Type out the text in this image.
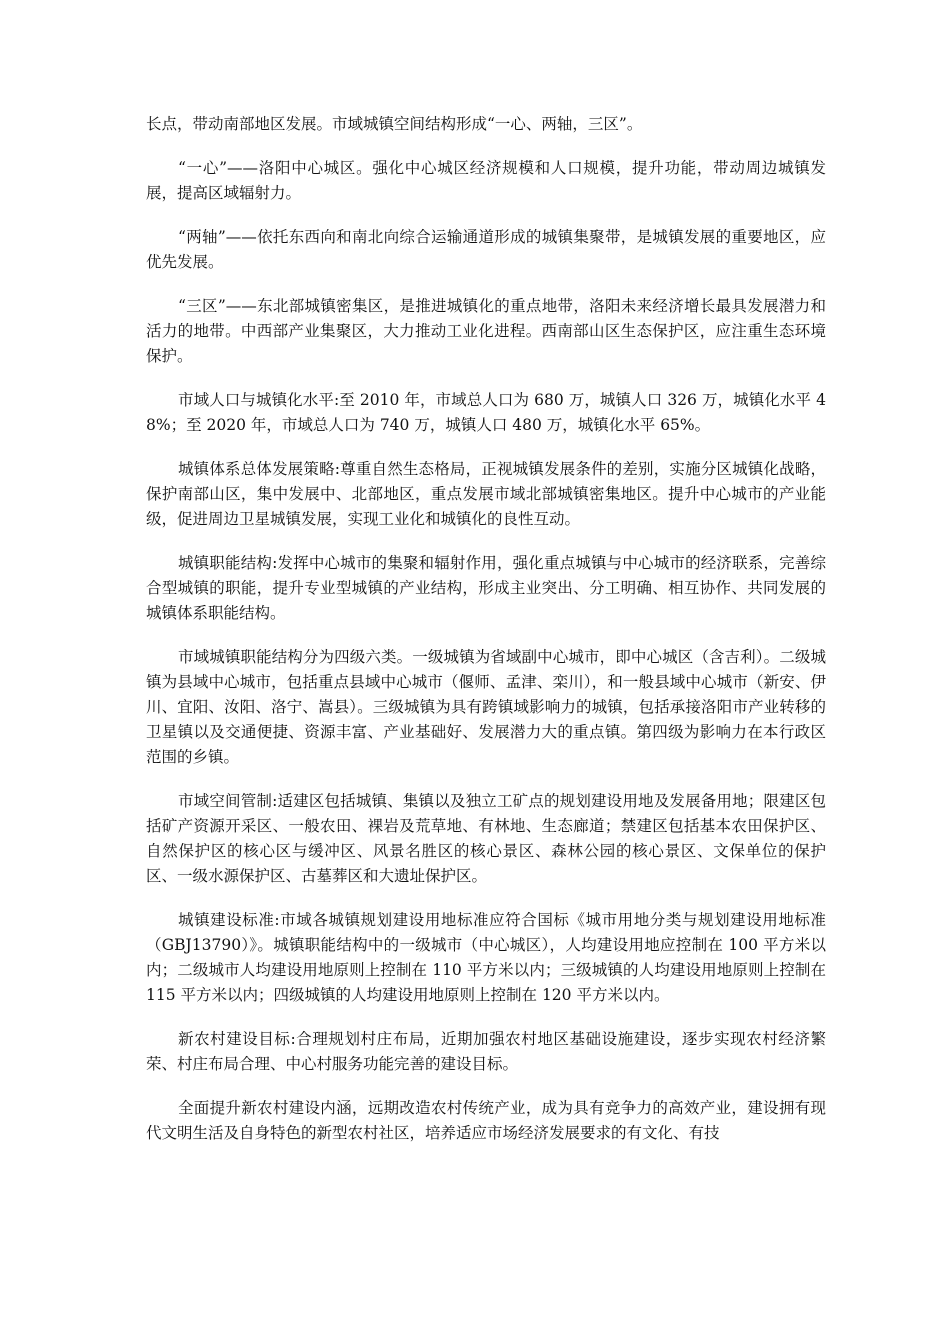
长点，带动南部地区发展。市域城镇空间结构形成“一心、两轴，三区”。

“一心”——洛阳中心城区。强化中心城区经济规模和人口规模，提升功能，带动周边城镇发展，提高区域辐射力。

“两轴”——依托东西向和南北向综合运输通道形成的城镇集聚带，是城镇发展的重要地区，应优先发展。

“三区”——东北部城镇密集区，是推进城镇化的重点地带，洛阳未来经济增长最具发展潜力和活力的地带。中西部产业集聚区，大力推动工业化进程。西南部山区生态保护区，应注重生态环境保护。

市域人口与城镇化水平:至 2010 年，市域总人口为 680 万，城镇人口 326 万，城镇化水平 48%；至 2020 年，市域总人口为 740 万，城镇人口 480 万，城镇化水平 65%。

城镇体系总体发展策略:尊重自然生态格局，正视城镇发展条件的差别，实施分区城镇化战略，保护南部山区，集中发展中、北部地区，重点发展市域北部城镇密集地区。提升中心城市的产业能级，促进周边卫星城镇发展，实现工业化和城镇化的良性互动。

城镇职能结构:发挥中心城市的集聚和辐射作用，强化重点城镇与中心城市的经济联系，完善综合型城镇的职能，提升专业型城镇的产业结构，形成主业突出、分工明确、相互协作、共同发展的城镇体系职能结构。

市域城镇职能结构分为四级六类。一级城镇为省域副中心城市，即中心城区（含吉利）。二级城镇为县域中心城市，包括重点县域中心城市（偃师、孟津、栾川），和一般县域中心城市（新安、伊川、宜阳、汝阳、洛宁、嵩县）。三级城镇为具有跨镇域影响力的城镇，包括承接洛阳市产业转移的卫星镇以及交通便捷、资源丰富、产业基础好、发展潜力大的重点镇。第四级为影响力在本行政区范围的乡镇。

市域空间管制:适建区包括城镇、集镇以及独立工矿点的规划建设用地及发展备用地；限建区包括矿产资源开采区、一般农田、裸岩及荒草地、有林地、生态廊道；禁建区包括基本农田保护区、自然保护区的核心区与缓冲区、风景名胜区的核心景区、森林公园的核心景区、文保单位的保护区、一级水源保护区、古墓葬区和大遗址保护区。

城镇建设标准:市域各城镇规划建设用地标准应符合国标《城市用地分类与规划建设用地标准（GBJ13790）》。城镇职能结构中的一级城市（中心城区），人均建设用地应控制在 100 平方米以内；二级城市人均建设用地原则上控制在 110 平方米以内；三级城镇的人均建设用地原则上控制在 115 平方米以内；四级城镇的人均建设用地原则上控制在 120 平方米以内。

新农村建设目标:合理规划村庄布局，近期加强农村地区基础设施建设，逐步实现农村经济繁荣、村庄布局合理、中心村服务功能完善的建设目标。

全面提升新农村建设内涵，远期改造农村传统产业，成为具有竞争力的高效产业，建设拥有现代文明生活及自身特色的新型农村社区，培养适应市场经济发展要求的有文化、有技
